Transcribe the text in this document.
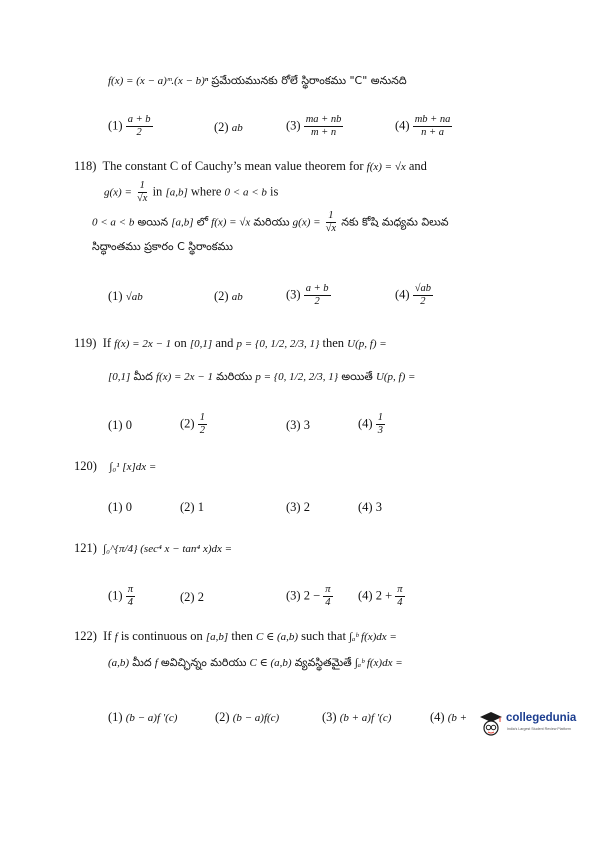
f(x) = (x − a)ᵐ.(x − b)ⁿ ప్రమేయమునకు రోలే స్థిరాంకము "C" అనునది
$(1) \frac{a + b}{2}$	(2) ab	$(3) \frac{ma + nb}{m + n}$	$(4) \frac{mb + na}{n + a}$
118) The constant C of Cauchy’s mean value theorem for f(x) = √x and
$g(x) = \frac{1}{√x}$ in [a,b] where 0 < a < b is
0 < a < b అయిన [a,b] లో f(x) = √x మరియు $g(x) = \frac{1}{√x}$ నకు కోషి మధ్యమ విలువ
సిద్ధాంతము ప్రకారం C స్థిరాంకము
(1) √ab	(2) ab	$(3) \frac{a + b}{2}$	$(4) \frac{√ab}{2}$
119) If f(x) = 2x − 1 on [0,1] and p = {0, 1/2, 2/3, 1} then U(p, f) =
[0,1] మీద f(x) = 2x − 1 మరియు p = {0, 1/2, 2/3, 1} అయితే U(p, f) =
(1) 0	$(2) \frac{1}{2}$	(3) 3	$(4) \frac{1}{3}$
120) ∫₀¹ [x]dx =
(1) 0	(2) 1	(3) 2	(4) 3
121) ∫₀^{π/4} (sec⁴ x − tan⁴ x)dx =
$(1) \frac{\pi}{4}$	(2) 2	(3) $2 - \frac{\pi}{4} (4) 2 + \frac{\pi}{4}$
122) If f is continuous on [a,b] then C ∈ (a,b) such that ∫ₐᵇ f(x)dx =
(a,b) మీద f అవిచ్ఛిన్నం మరియు C ∈ (a,b) వ్యవస్థితమైతే ∫ₐᵇ f(x)dx =
(1) (b − a)f ′(c)	(2) (b − a)f(c)	(3) (b + a)f ′(c)	(4) (b +	collegedunia
India's Largest Student Review Platform
